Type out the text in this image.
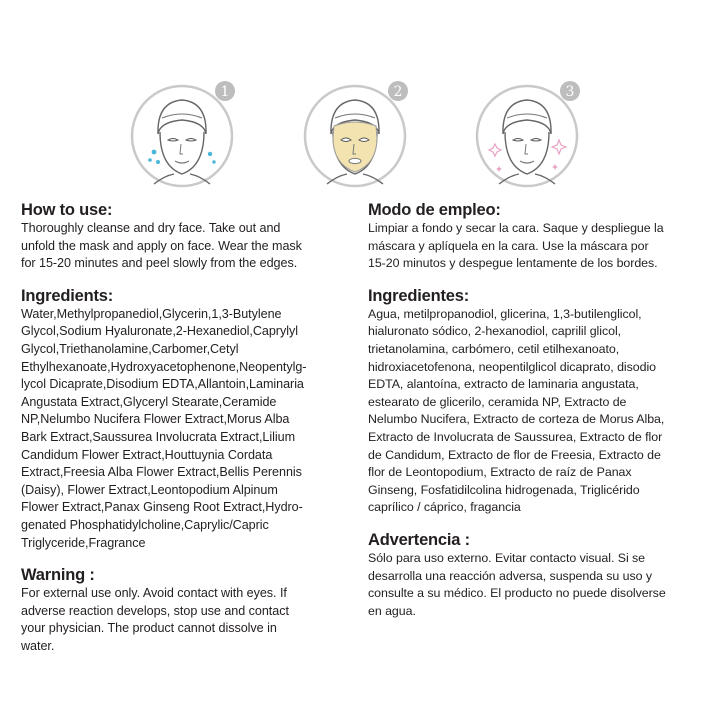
1	2	3

How to use:

Thoroughly cleanse and dry face. Take out and

unfold the mask and apply on face. Wear the mask

for 15-20 minutes and peel slowly from the edges.

Ingredients:

Water,Methylpropanediol,Glycerin,1,3-Butylene

Glycol,Sodium Hyaluronate,2-Hexanediol,Caprylyl

Glycol,Triethanolamine,Carbomer,Cetyl

Ethylhexanoate,Hydroxyacetophenone,Neopentylg-

lycol Dicaprate,Disodium EDTA,Allantoin,Laminaria

Angustata Extract,Glyceryl Stearate,Ceramide

NP,Nelumbo Nucifera Flower Extract,Morus Alba

Bark Extract,Saussurea Involucrata Extract,Lilium

Candidum Flower Extract,Houttuynia Cordata

Extract,Freesia Alba Flower Extract,Bellis Perennis

(Daisy), Flower Extract,Leontopodium Alpinum

Flower Extract,Panax Ginseng Root Extract,Hydro-

genated Phosphatidylcholine,Caprylic/Capric

Triglyceride,Fragrance

Warning :

For external use only. Avoid contact with eyes. If

adverse reaction develops, stop use and contact

your physician. The product cannot dissolve in

water.

Modo de empleo:

Limpiar a fondo y secar la cara. Saque y despliegue la

máscara y aplíquela en la cara. Use la máscara por

15-20 minutos y despegue lentamente de los bordes.

Ingredientes:

Agua, metilpropanodiol, glicerina, 1,3-butilenglicol,

hialuronato sódico, 2-hexanodiol, caprilil glicol,

trietanolamina, carbómero, cetil etilhexanoato,

hidroxiacetofenona, neopentilglicol dicaprato, disodio

EDTA, alantoína, extracto de laminaria angustata,

estearato de glicerilo, ceramida NP, Extracto de

Nelumbo Nucifera, Extracto de corteza de Morus Alba,

Extracto de Involucrata de Saussurea, Extracto de flor

de Candidum, Extracto de flor de Freesia, Extracto de

flor de Leontopodium, Extracto de raíz de Panax

Ginseng, Fosfatidilcolina hidrogenada, Triglicérido

caprílico / cáprico, fragancia

Advertencia :

Sólo para uso externo. Evitar contacto visual. Si se

desarrolla una reacción adversa, suspenda su uso y

consulte a su médico. El producto no puede disolverse

en agua.
